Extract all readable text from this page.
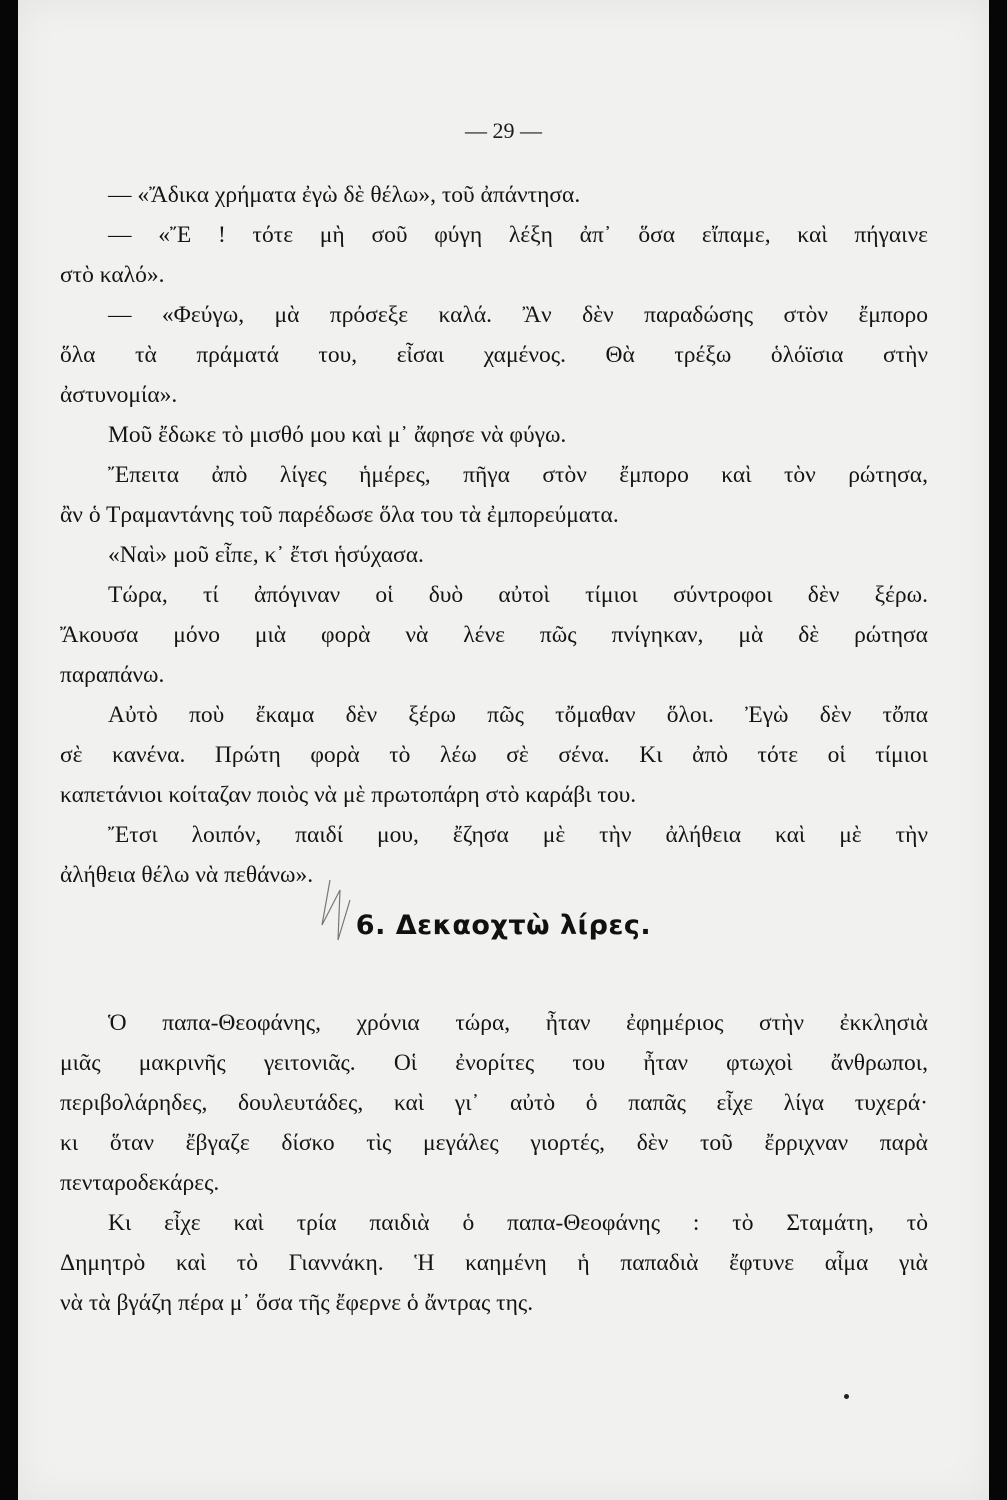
— 29 —
— «Ἄδικα χρήματα ἐγὼ δὲ θέλω», τοῦ ἀπάντησα.
— «Ἔ ! τότε μὴ σοῦ φύγη λέξη ἀπ᾿ ὅσα εἴπαμε, καὶ πήγαινε
στὸ καλό».
— «Φεύγω, μὰ πρόσεξε καλά. Ἂν δὲν παραδώσης στὸν ἔμπορο
ὅλα τὰ πράματά του, εἶσαι χαμένος. Θὰ τρέξω ὁλόϊσια στὴν
ἀστυνομία».
Μοῦ ἔδωκε τὸ μισθό μου καὶ μ᾿ ἄφησε νὰ φύγω.
Ἔπειτα ἀπὸ λίγες ἡμέρες, πῆγα στὸν ἔμπορο καὶ τὸν ρώτησα,
ἂν ὁ Τραμαντάνης τοῦ παρέδωσε ὅλα του τὰ ἐμπορεύματα.
«Ναὶ» μοῦ εἶπε, κ᾿ ἔτσι ἡσύχασα.
Τώρα, τί ἀπόγιναν οἱ δυὸ αὐτοὶ τίμιοι σύντροφοι δὲν ξέρω.
Ἄκουσα μόνο μιὰ φορὰ νὰ λένε πῶς πνίγηκαν, μὰ δὲ ρώτησα
παραπάνω.
Αὐτὸ ποὺ ἔκαμα δὲν ξέρω πῶς τὄμαθαν ὅλοι. Ἐγὼ δὲν τὄπα
σὲ κανένα. Πρώτη φορὰ τὸ λέω σὲ σένα. Κι ἀπὸ τότε οἱ τίμιοι
καπετάνιοι κοίταζαν ποιὸς νὰ μὲ πρωτοπάρη στὸ καράβι του.
Ἔτσι λοιπόν, παιδί μου, ἔζησα μὲ τὴν ἀλήθεια καὶ μὲ τὴν
ἀλήθεια θέλω νὰ πεθάνω».
6. Δεκαοχτὼ λίρες.
Ὁ παπα-Θεοφάνης, χρόνια τώρα, ἦταν ἐφημέριος στὴν ἐκκλησιὰ
μιᾶς μακρινῆς γειτονιᾶς. Οἱ ἐνορίτες του ἦταν φτωχοὶ ἄνθρωποι,
περιβολάρηδες, δουλευτάδες, καὶ γι᾿ αὐτὸ ὁ παπᾶς εἶχε λίγα τυχερά·
κι ὅταν ἔβγαζε δίσκο τὶς μεγάλες γιορτές, δὲν τοῦ ἔρριχναν παρὰ
πενταροδεκάρες.
Κι εἶχε καὶ τρία παιδιὰ ὁ παπα-Θεοφάνης : τὸ Σταμάτη, τὸ
Δημητρὸ καὶ τὸ Γιαννάκη. Ἡ καημένη ἡ παπαδιὰ ἔφτυνε αἷμα γιὰ
νὰ τὰ βγάζη πέρα μ᾿ ὅσα τῆς ἔφερνε ὁ ἄντρας της.
